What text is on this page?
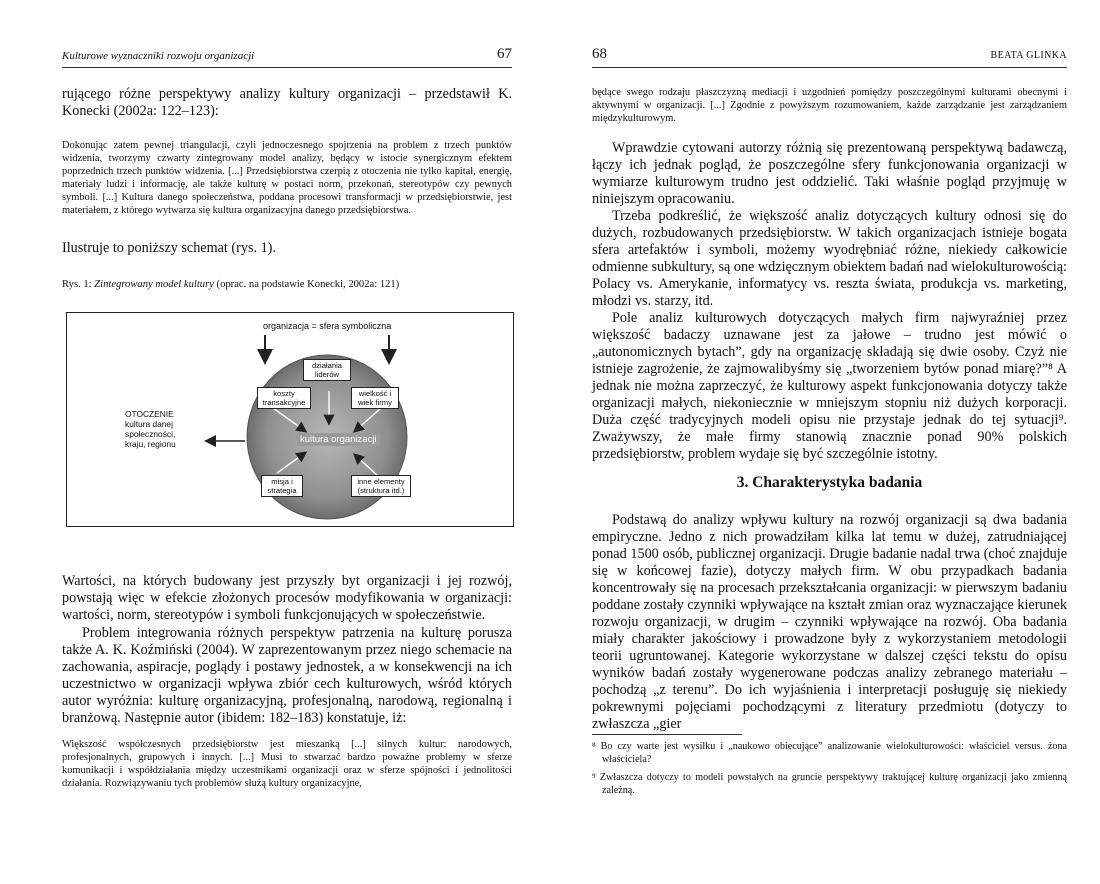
Kulturowe wyznaczniki rozwoju organizacji	67

rującego różne perspektywy analizy kultury organizacji – przedstawił K. Konecki (2002a: 122–123):

Dokonując zatem pewnej triangulacji, czyli jednoczesnego spojrzenia na problem z trzech punktów widzenia, tworzymy czwarty zintegrowany model analizy, będący w istocie synergicznym efektem poprzednich trzech punktów widzenia. [...] Przedsiębiorstwa czerpią z otoczenia nie tylko kapitał, energię, materiały ludzi i informację, ale także kulturę w postaci norm, przekonań, stereotypów czy pewnych symboli. [...] Kultura danego społeczeństwa, poddana procesowi transformacji w przedsiębiorstwie, jest materiałem, z którego wytwarza się kultura organizacyjna danego przedsiębiorstwa.

Ilustruje to poniższy schemat (rys. 1).

Rys. 1: Zintegrowany model kultury (oprac. na podstawie Konecki, 2002a: 121)
organizacja = sfera symboliczna
OTOCZENIE kultura danej społeczności, kraju, regionu
działania liderów
koszty transakcyjne
wielkość i wiek firmy
kultura organizacji
misja i strategia
inne elementy (struktura itd.)

Wartości, na których budowany jest przyszły byt organizacji i jej rozwój, powstają więc w efekcie złożonych procesów modyfikowania w organizacji: wartości, norm, stereotypów i symboli funkcjonujących w społeczeństwie.

Problem integrowania różnych perspektyw patrzenia na kulturę porusza także A. K. Koźmiński (2004). W zaprezentowanym przez niego schemacie na zachowania, aspiracje, poglądy i postawy jednostek, a w konsekwencji na ich uczestnictwo w organizacji wpływa zbiór cech kulturowych, wśród których autor wyróżnia: kulturę organizacyjną, profesjonalną, narodową, regionalną i branżową. Następnie autor (ibidem: 182–183) konstatuje, iż:

Większość współczesnych przedsiębiorstw jest mieszanką [...] silnych kultur: narodowych, profesjonalnych, grupowych i innych. [...] Musi to stwarzać bardzo poważne problemy w sferze komunikacji i współdziałania między uczestnikami organizacji oraz w sferze spójności i jednolitości działania. Rozwiązywaniu tych problemów służą kultury organizacyjne,

68	BEATA GLINKA

będące swego rodzaju płaszczyzną mediacji i uzgodnień pomiędzy poszczególnymi kulturami obecnymi i aktywnymi w organizacji. [...] Zgodnie z powyższym rozumowaniem, każde zarządzanie jest zarządzaniem międzykulturowym.

Wprawdzie cytowani autorzy różnią się prezentowaną perspektywą badawczą, łączy ich jednak pogląd, że poszczególne sfery funkcjonowania organizacji w wymiarze kulturowym trudno jest oddzielić. Taki właśnie pogląd przyjmuję w niniejszym opracowaniu.

Trzeba podkreślić, że większość analiz dotyczących kultury odnosi się do dużych, rozbudowanych przedsiębiorstw. W takich organizacjach istnieje bogata sfera artefaktów i symboli, możemy wyodrębniać różne, niekiedy całkowicie odmienne subkultury, są one wdzięcznym obiektem badań nad wielokulturowością: Polacy vs. Amerykanie, informatycy vs. reszta świata, produkcja vs. marketing, młodzi vs. starzy, itd.

Pole analiz kulturowych dotyczących małych firm najwyraźniej przez większość badaczy uznawane jest za jałowe – trudno jest mówić o „autonomicznych bytach”, gdy na organizację składają się dwie osoby. Czyż nie istnieje zagrożenie, że zajmowalibyśmy się „tworzeniem bytów ponad miarę?”⁸ A jednak nie można zaprzeczyć, że kulturowy aspekt funkcjonowania dotyczy także organizacji małych, niekoniecznie w mniejszym stopniu niż dużych korporacji. Duża część tradycyjnych modeli opisu nie przystaje jednak do tej sytuacji⁹. Zważywszy, że małe firmy stanowią znacznie ponad 90% polskich przedsiębiorstw, problem wydaje się być szczególnie istotny.

3. Charakterystyka badania

Podstawą do analizy wpływu kultury na rozwój organizacji są dwa badania empiryczne. Jedno z nich prowadziłam kilka lat temu w dużej, zatrudniającej ponad 1500 osób, publicznej organizacji. Drugie badanie nadal trwa (choć znajduje się w końcowej fazie), dotyczy małych firm. W obu przypadkach badania koncentrowały się na procesach przekształcania organizacji: w pierwszym badaniu poddane zostały czynniki wpływające na kształt zmian oraz wyznaczające kierunek rozwoju organizacji, w drugim – czynniki wpływające na rozwój. Oba badania miały charakter jakościowy i prowadzone były z wykorzystaniem metodologii teorii ugruntowanej. Kategorie wykorzystane w dalszej części tekstu do opisu wyników badań zostały wygenerowane podczas analizy zebranego materiału – pochodzą „z terenu”. Do ich wyjaśnienia i interpretacji posługuję się niekiedy pokrewnymi pojęciami pochodzącymi z literatury przedmiotu (dotyczy to zwłaszcza „gier

⁸ Bo czy warte jest wysiłku i „naukowo obiecujące” analizowanie wielokulturowości: właściciel versus. żona właściciela?

⁹ Zwłaszcza dotyczy to modeli powstałych na gruncie perspektywy traktującej kulturę organizacji jako zmienną zależną.
